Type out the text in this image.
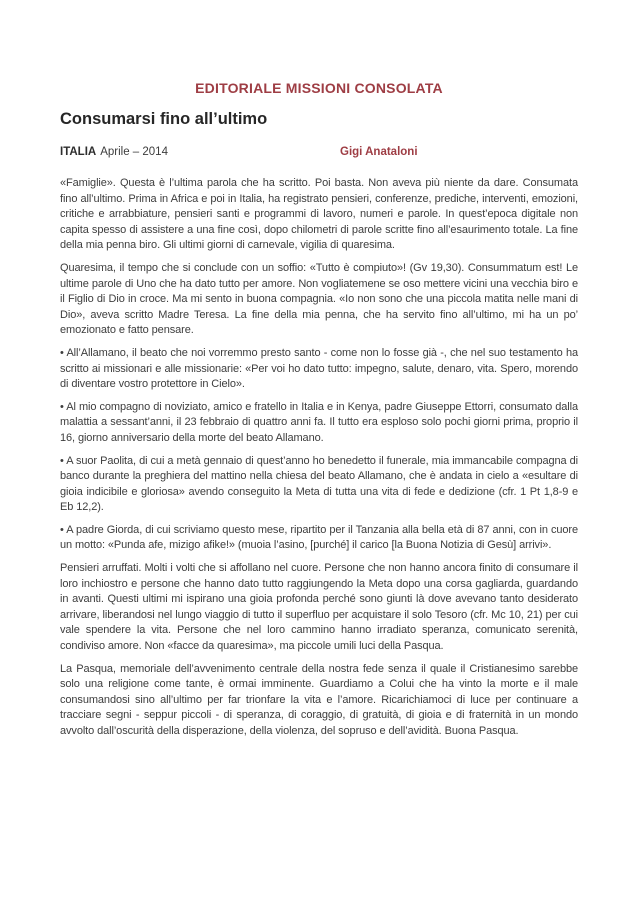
EDITORIALE MISSIONI CONSOLATA
Consumarsi fino all’ultimo
ITALIA Aprile – 2014	Gigi Anataloni

«Famiglie». Questa è l’ultima parola che ha scritto. Poi basta. Non aveva più niente da dare. Consumata fino all’ultimo. Prima in Africa e poi in Italia, ha registrato pensieri, conferenze, prediche, interventi, emozioni, critiche e arrabbiature, pensieri santi e programmi di lavoro, numeri e parole. In quest’epoca digitale non capita spesso di assistere a una fine così, dopo chilometri di parole scritte fino all’esaurimento totale. La fine della mia penna biro. Gli ultimi giorni di carnevale, vigilia di quaresima.

Quaresima, il tempo che si conclude con un soffio: «Tutto è compiuto»! (Gv 19,30). Consummatum est! Le ultime parole di Uno che ha dato tutto per amore. Non vogliatemene se oso mettere vicini una vecchia biro e il Figlio di Dio in croce. Ma mi sento in buona compagnia. «Io non sono che una piccola matita nelle mani di Dio», aveva scritto Madre Teresa. La fine della mia penna, che ha servito fino all’ultimo, mi ha un po’ emozionato e fatto pensare.

• All’Allamano, il beato che noi vorremmo presto santo - come non lo fosse già -, che nel suo testamento ha scritto ai missionari e alle missionarie: «Per voi ho dato tutto: impegno, salute, denaro, vita. Spero, morendo di diventare vostro protettore in Cielo».

• Al mio compagno di noviziato, amico e fratello in Italia e in Kenya, padre Giuseppe Ettorri, consumato dalla malattia a sessant’anni, il 23 febbraio di quattro anni fa. Il tutto era esploso solo pochi giorni prima, proprio il 16, giorno anniversario della morte del beato Allamano.

• A suor Paolita, di cui a metà gennaio di quest’anno ho benedetto il funerale, mia immancabile compagna di banco durante la preghiera del mattino nella chiesa del beato Allamano, che è andata in cielo a «esultare di gioia indicibile e gloriosa» avendo conseguito la Meta di tutta una vita di fede e dedizione (cfr. 1 Pt 1,8-9 e Eb 12,2).

• A padre Giorda, di cui scriviamo questo mese, ripartito per il Tanzania alla bella età di 87 anni, con in cuore un motto: «Punda afe, mizigo afike!» (muoia l’asino, [purché] il carico [la Buona Notizia di Gesù] arrivi».

Pensieri arruffati. Molti i volti che si affollano nel cuore. Persone che non hanno ancora finito di consumare il loro inchiostro e persone che hanno dato tutto raggiungendo la Meta dopo una corsa gagliarda, guardando in avanti. Questi ultimi mi ispirano una gioia profonda perché sono giunti là dove avevano tanto desiderato arrivare, liberandosi nel lungo viaggio di tutto il superfluo per acquistare il solo Tesoro (cfr. Mc 10, 21) per cui vale spendere la vita. Persone che nel loro cammino hanno irradiato speranza, comunicato serenità, condiviso amore. Non «facce da quaresima», ma piccole umili luci della Pasqua.

La Pasqua, memoriale dell’avvenimento centrale della nostra fede senza il quale il Cristianesimo sarebbe solo una religione come tante, è ormai imminente. Guardiamo a Colui che ha vinto la morte e il male consumandosi sino all’ultimo per far trionfare la vita e l’amore. Ricarichiamoci di luce per continuare a tracciare segni - seppur piccoli - di speranza, di coraggio, di gratuità, di gioia e di fraternità in un mondo avvolto dall’oscurità della disperazione, della violenza, del sopruso e dell’avidità. Buona Pasqua.
